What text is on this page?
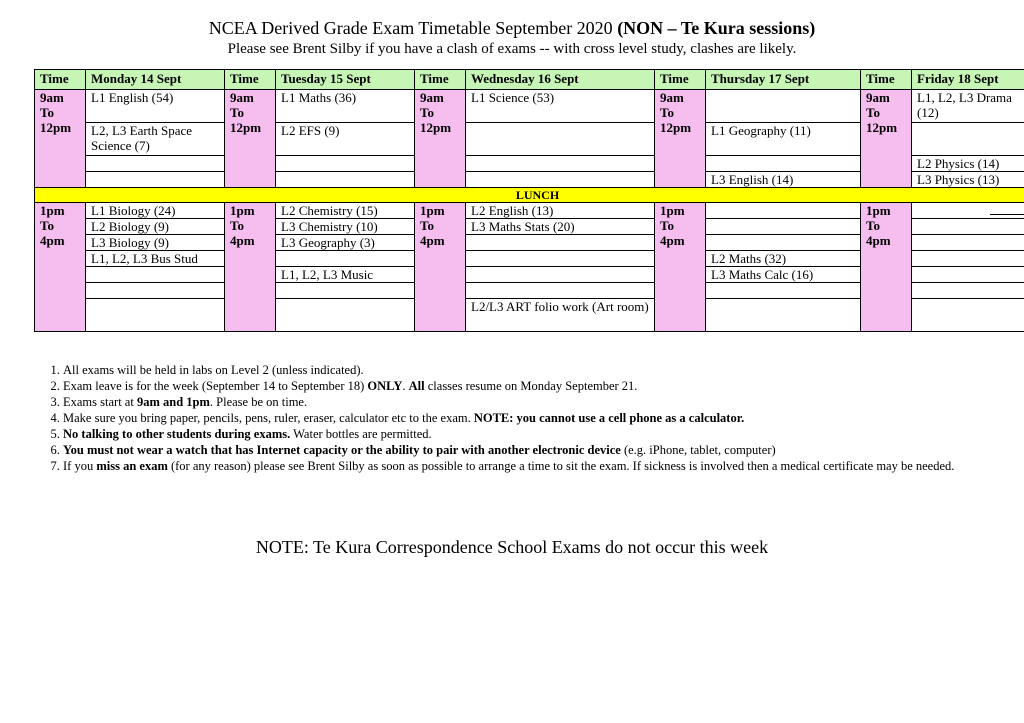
NCEA Derived Grade Exam Timetable September 2020 (NON – Te Kura sessions)
Please see Brent Silby if you have a clash of exams -- with cross level study, clashes are likely.
Time	Monday 14 Sept	Time	Tuesday 15 Sept	Time	Wednesday 16 Sept	Time	Thursday 17 Sept	Time	Friday 18 Sept

9am
To
12pm	L1 English (54)	9am
To
12pm	L1 Maths (36)	9am
To
12pm	L1 Science (53)	9am
To
12pm		9am
To
12pm	L1, L2, L3 Drama (12)
	L2, L3 Earth Space Science (7)		L2 EFS (9)				L1 Geography (11)		
									L2 Physics (14)
							L3 English (14)		L3 Physics (13)
LUNCH									

1pm
To
4pm	L1 Biology (24)	1pm
To
4pm	L2 Chemistry (15)	1pm
To
4pm	L2 English (13)	1pm
To
4pm		1pm
To
4pm	

	L2 Biology (9)		L3 Chemistry (10)		L3 Maths Stats (20)				
	L3 Biology (9)		L3 Geography (3)						
	L1, L2, L3 Bus Stud						L2 Maths (32)		
			L1, L2, L3 Music				L3 Maths Calc (16)		

					L2/L3 ART folio work (Art room)				
1. All exams will be held in labs on Level 2 (unless indicated).
2. Exam leave is for the week (September 14 to September 18) ONLY. All classes resume on Monday September 21.
3. Exams start at 9am and 1pm. Please be on time.
4. Make sure you bring paper, pencils, pens, ruler, eraser, calculator etc to the exam. NOTE: you cannot use a cell phone as a calculator.
5. No talking to other students during exams. Water bottles are permitted.
6. You must not wear a watch that has Internet capacity or the ability to pair with another electronic device (e.g. iPhone, tablet, computer)
7. If you miss an exam (for any reason) please see Brent Silby as soon as possible to arrange a time to sit the exam. If sickness is involved then a medical certificate may be needed.
NOTE: Te Kura Correspondence School Exams do not occur this week
